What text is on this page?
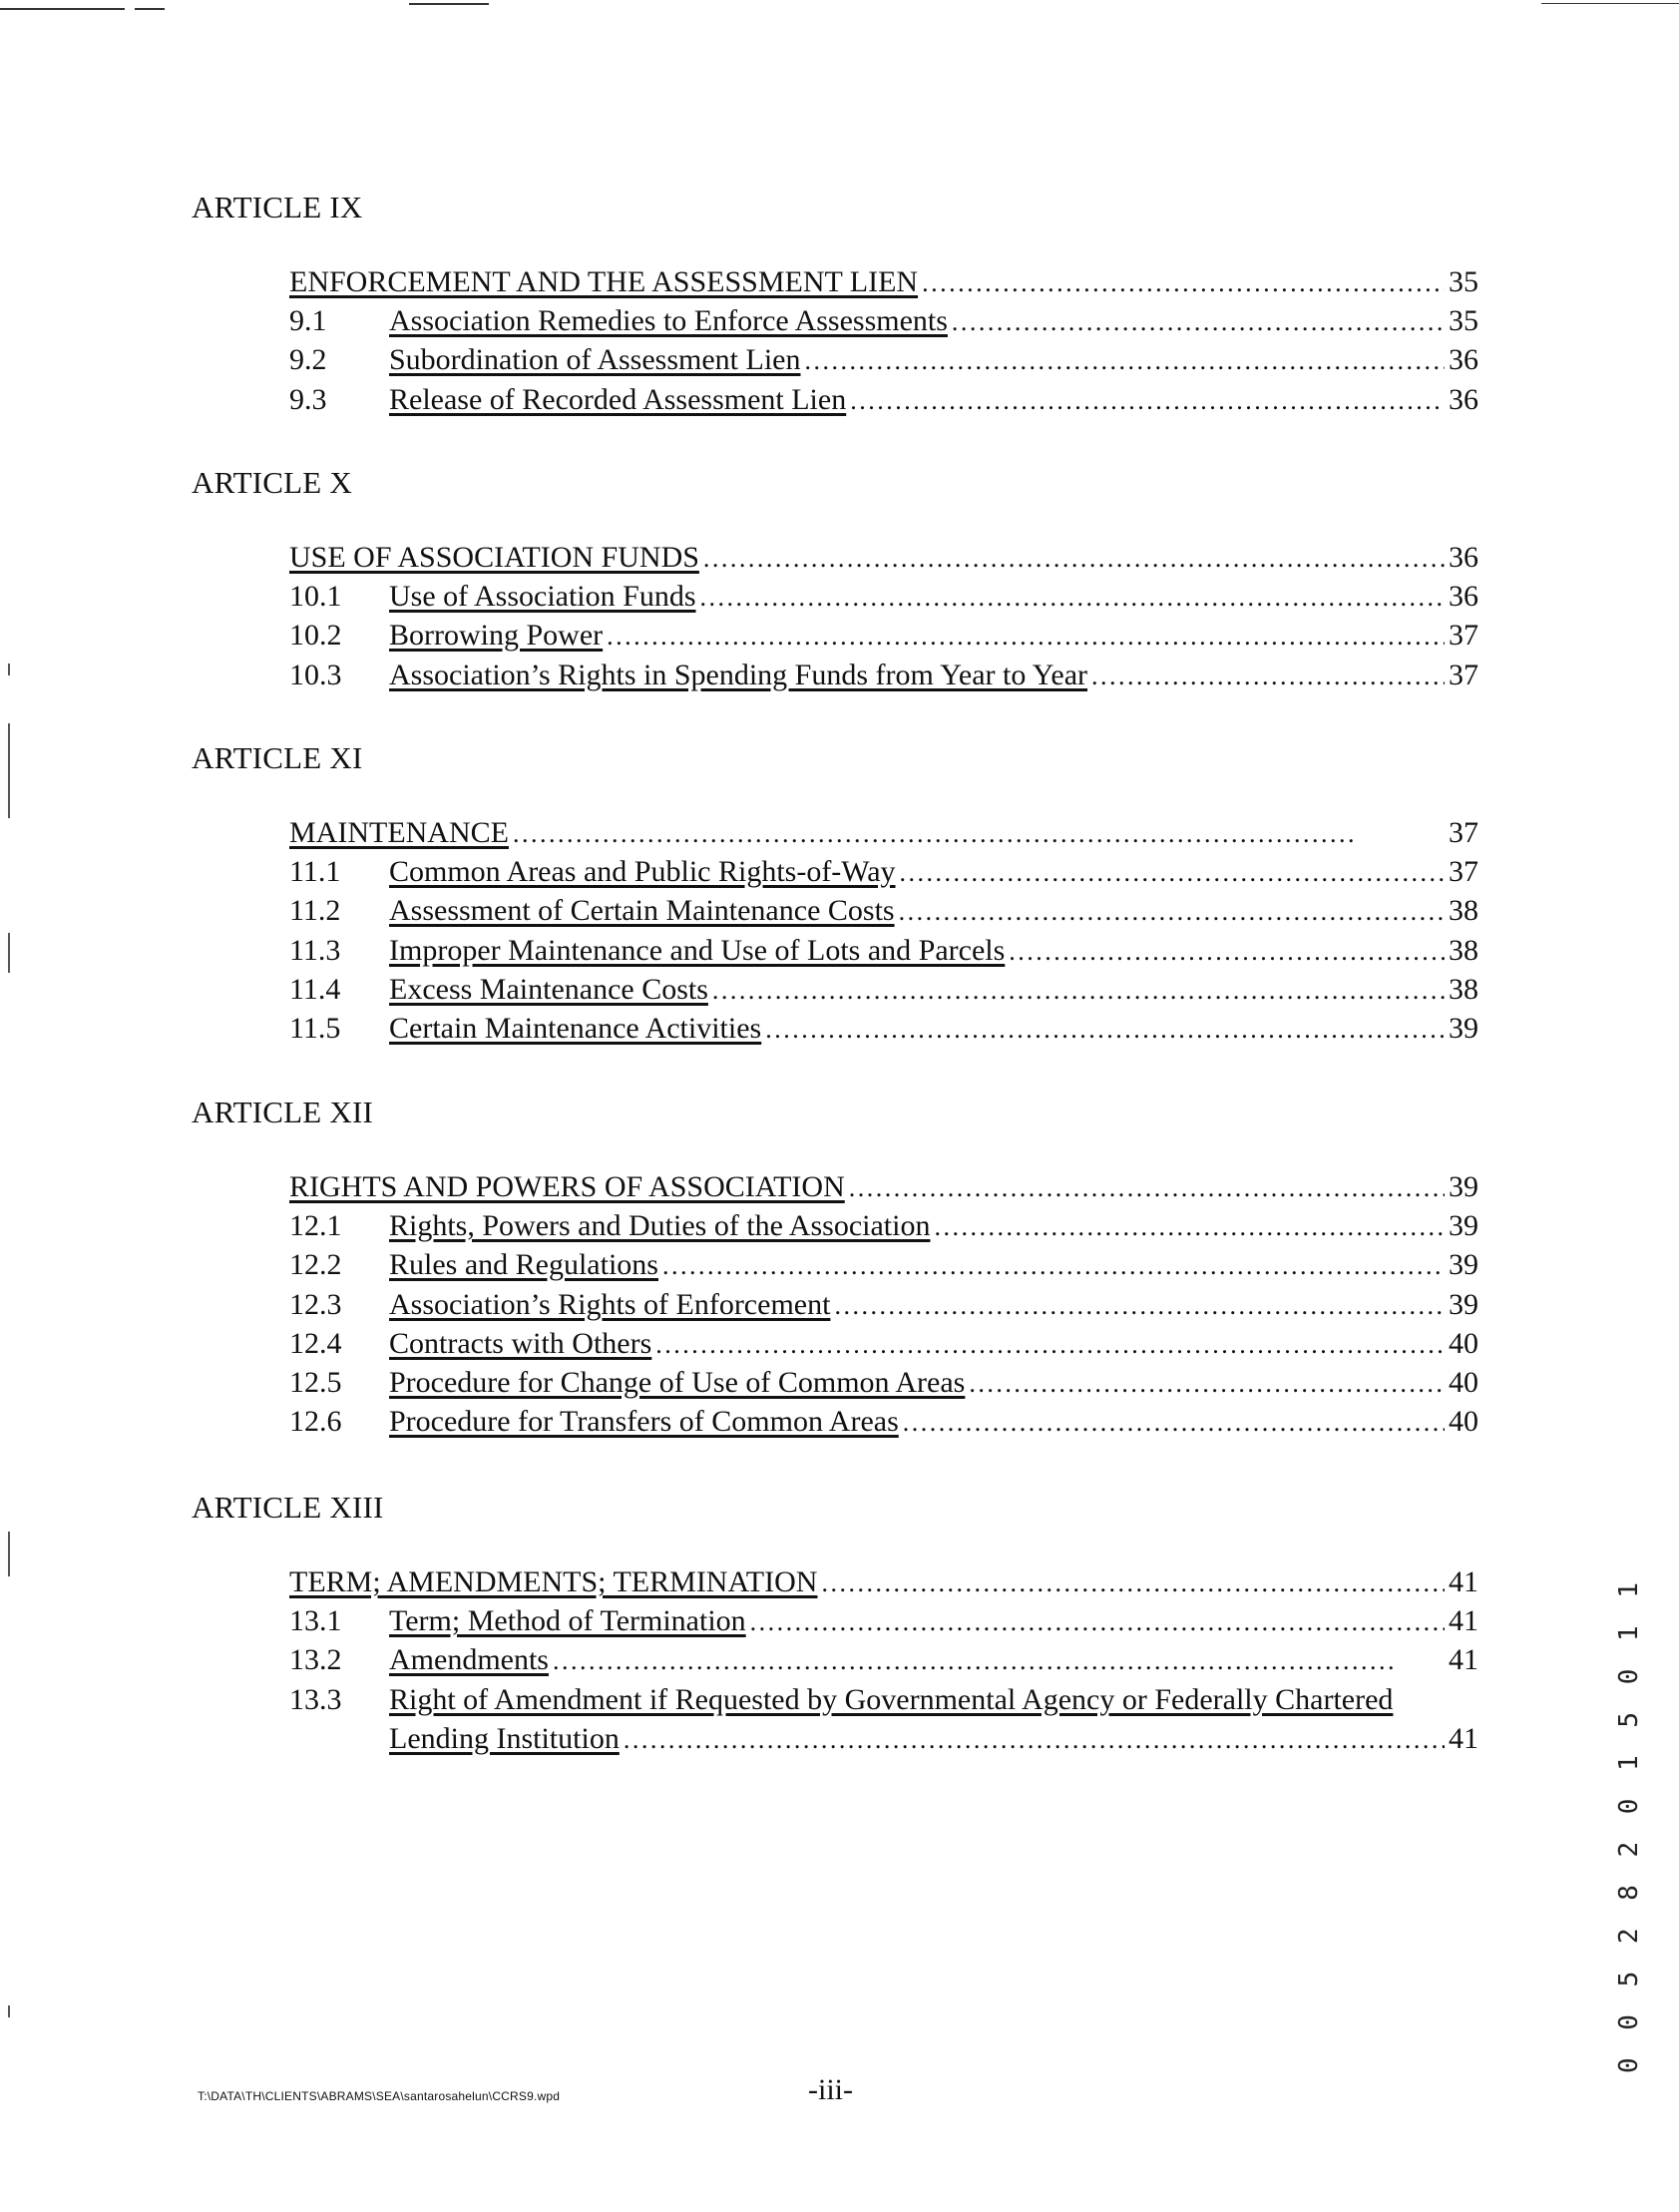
ARTICLE IX
ENFORCEMENT AND THE ASSESSMENT LIEN . . .	35
9.1	Association Remedies to Enforce Assessments . . .	35
9.2	Subordination of Assessment Lien . . .	36
9.3	Release of Recorded Assessment Lien . . .	36
ARTICLE X
USE OF ASSOCIATION FUNDS . . .	36
10.1	Use of Association Funds . . .	36
10.2	Borrowing Power . . .	37
10.3	Association’s Rights in Spending Funds from Year to Year . . .	37
ARTICLE XI
MAINTENANCE . . .	37
11.1	Common Areas and Public Rights-of-Way . . .	37
11.2	Assessment of Certain Maintenance Costs . . .	38
11.3	Improper Maintenance and Use of Lots and Parcels . . .	38
11.4	Excess Maintenance Costs . . .	38
11.5	Certain Maintenance Activities . . .	39
ARTICLE XII
RIGHTS AND POWERS OF ASSOCIATION . . .	39
12.1	Rights, Powers and Duties of the Association . . .	39
12.2	Rules and Regulations . . .	39
12.3	Association’s Rights of Enforcement . . .	39
12.4	Contracts with Others . . .	40
12.5	Procedure for Change of Use of Common Areas . . .	40
12.6	Procedure for Transfers of Common Areas . . .	40
ARTICLE XIII
TERM; AMENDMENTS; TERMINATION . . .	41
13.1	Term; Method of Termination . . .	41
13.2	Amendments . . .	41
13.3	Right of Amendment if Requested by Governmental Agency or Federally Chartered
Lending Institution . . .	41
T:\DATA\TH\CLIENTS\ABRAMS\SEA\santarosahelun\CCRS9.wpd	-iii-
0 0 5 2 8 2 0 1 5 0 1 1
